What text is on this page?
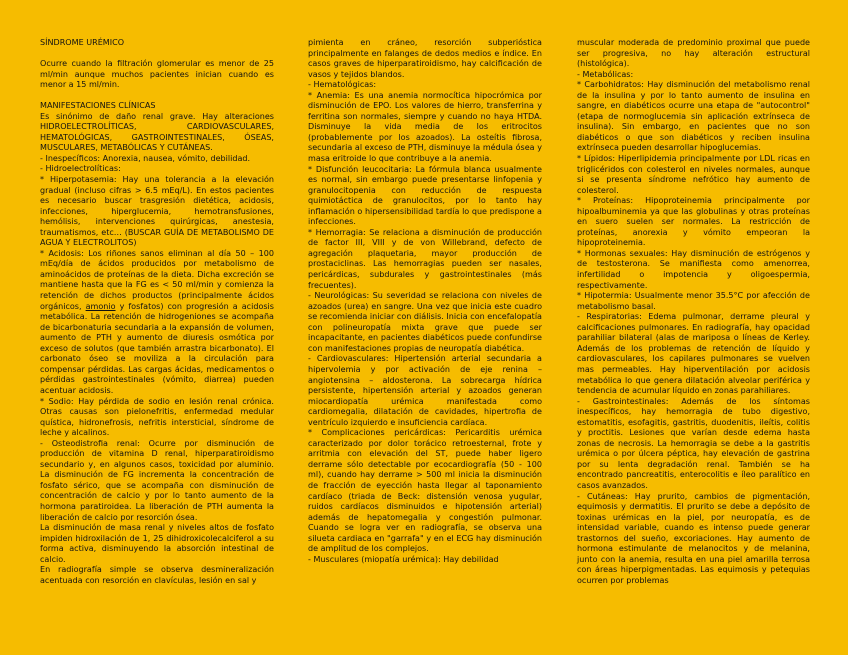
SÍNDROME URÉMICO

Ocurre cuando la filtración glomerular es menor de 25 ml/min aunque muchos pacientes inician cuando es menor a 15 ml/min.

MANIFESTACIONES CLÍNICAS

Es sinónimo de daño renal grave. Hay alteraciones HIDROELECTROLÍTICAS, CARDIOVASCULARES, HEMATOLÓGICAS, GASTROINTESTINALES, ÓSEAS, MUSCULARES, METABÓLICAS Y CUTÁNEAS.

- Inespecíficos: Anorexia, nausea, vómito, debilidad.

- Hidroelectrolíticas:

* Hiperpotasemia: Hay una tolerancia a la elevación gradual (incluso cifras > 6.5 mEq/L). En estos pacientes es necesario buscar trasgresión dietética, acidosis, infecciones, hiperglucemia, hemotransfusiones, hemólisis, intervenciones quirúrgicas, anestesia, traumatismos, etc… (BUSCAR GUÍA DE METABOLISMO DE AGUA Y ELECTROLITOS)

* Acidosis: Los riñones sanos eliminan al día 50 – 100 mEq/día de ácidos producidos por metabolismo de aminoácidos de proteínas de la dieta. Dicha excreción se mantiene hasta que la FG es < 50 ml/min y comienza la retención de dichos productos (principalmente ácidos orgánicos, amonio y fosfatos) con progresión a acidosis metabólica. La retención de hidrogeniones se acompaña de bicarbonaturia secundaria a la expansión de volumen, aumento de PTH y aumento de diuresis osmótica por exceso de solutos (que también arrastra bicarbonato). El carbonato óseo se moviliza a la circulación para compensar pérdidas. Las cargas ácidas, medicamentos o pérdidas gastrointestinales (vómito, diarrea) pueden acentuar acidosis.

* Sodio: Hay pérdida de sodio en lesión renal crónica. Otras causas son pielonefritis, enfermedad medular quística, hidronefrosis, nefritis intersticial, síndrome de leche y alcalinos.

- Osteodistrofia renal: Ocurre por disminución de producción de vitamina D renal, hiperparatiroidismo secundario y, en algunos casos, toxicidad por aluminio. La disminución de FG incrementa la concentración de fosfato sérico, que se acompaña con disminución de concentración de calcio y por lo tanto aumento de la hormona paratiroidea. La liberación de PTH aumenta la liberación de calcio por resorción ósea.

La disminución de masa renal y niveles altos de fosfato impiden hidroxilación de 1, 25 dihidroxicolecalciferol a su forma activa, disminuyendo la absorción intestinal de calcio.

En radiografía simple se observa desmineralización acentuada con resorción en clavículas, lesión en sal y

pimienta en cráneo, resorción subperióstica principalmente en falanges de dedos medios e índice. En casos graves de hiperparatiroidismo, hay calcificación de vasos y tejidos blandos.

- Hematológicas:

* Anemia: Es una anemia normocítica hipocrómica por disminución de EPO. Los valores de hierro, transferrina y ferritina son normales, siempre y cuando no haya HTDA. Disminuye la vida media de los eritrocitos (probablemente por los azoados). La osteítis fibrosa, secundaria al exceso de PTH, disminuye la médula ósea y masa eritroide lo que contribuye a la anemia.

* Disfunción leucocitaria: La fórmula blanca usualmente es normal, sin embargo puede presentarse linfopenia y granulocitopenia con reducción de respuesta quimiotáctica de granulocitos, por lo tanto hay inflamación o hipersensibilidad tardía lo que predispone a infecciones.

* Hemorragia: Se relaciona a disminución de producción de factor III, VIII y de von Willebrand, defecto de agregación plaquetaria, mayor producción de prostaciclinas. Las hemorragias pueden ser nasales, pericárdicas, subdurales y gastrointestinales (más frecuentes).

- Neurológicas: Su severidad se relaciona con niveles de azoados (urea) en sangre. Una vez que inicia este cuadro se recomienda iniciar con diálisis. Inicia con encefalopatía con polineuropatía mixta grave que puede ser incapacitante, en pacientes diabéticos puede confundirse con manifestaciones propias de neuropatía diabética.

- Cardiovasculares: Hipertensión arterial secundaria a hipervolemia y por activación de eje renina – angiotensina – aldosterona. La sobrecarga hídrica persistente, hipertensión arterial y azoados generan miocardiopatía urémica manifestada como cardiomegalia, dilatación de cavidades, hipertrofia de ventrículo izquierdo e insuficiencia cardíaca.

* Complicaciones pericárdicas: Pericarditis urémica caracterizado por dolor torácico retroesternal, frote y arritmia con elevación del ST, puede haber ligero derrame sólo detectable por ecocardiografía (50 - 100 ml), cuando hay derrame > 500 ml inicia la disminución de fracción de eyección hasta llegar al taponamiento cardíaco (triada de Beck: distensión venosa yugular, ruidos cardíacos disminuidos e hipotensión arterial) además de hepatomegalia y congestión pulmonar. Cuando se logra ver en radiografía, se observa una silueta cardiaca en "garrafa" y en el ECG hay disminución de amplitud de los complejos.

- Musculares (miopatía urémica): Hay debilidad

muscular moderada de predominio proximal que puede ser progresiva, no hay alteración estructural (histológica).

- Metabólicas:

* Carbohidratos: Hay disminución del metabolismo renal de la insulina y por lo tanto aumento de insulina en sangre, en diabéticos ocurre una etapa de "autocontrol" (etapa de normoglucemia sin aplicación extrínseca de insulina). Sin embargo, en pacientes que no son diabéticos o que son diabéticos y reciben insulina extrínseca pueden desarrollar hipoglucemias.

* Lípidos: Hiperlipidemia principalmente por LDL ricas en triglicéridos con colesterol en niveles normales, aunque si se presenta síndrome nefrótico hay aumento de colesterol.

* Proteínas: Hipoproteinemia principalmente por hipoalbuminemia ya que las globulinas y otras proteínas en suero suelen ser normales. La restricción de proteínas, anorexia y vómito empeoran la hipoproteinemia.

* Hormonas sexuales: Hay disminución de estrógenos y de testosterona. Se manifiesta como amenorrea, infertilidad o impotencia y oligoespermia, respectivamente.

* Hipotermia: Usualmente menor 35.5°C por afección de metabolismo basal.

- Respiratorias: Edema pulmonar, derrame pleural y calcificaciones pulmonares. En radiografía, hay opacidad parahiliar bilateral (alas de mariposa o líneas de Kerley. Además de los problemas de retención de líquido y cardiovasculares, los capilares pulmonares se vuelven mas permeables. Hay hiperventilación por acidosis metabólica lo que genera dilatación alveolar periférica y tendencia de acumular líquido en zonas parahiliares.

- Gastrointestinales: Además de los síntomas inespecíficos, hay hemorragia de tubo digestivo, estomatitis, esofagitis, gastritis, duodenitis, ileítis, colitis y proctitis. Lesiones que varían desde edema hasta zonas de necrosis. La hemorragia se debe a la gastritis urémica o por úlcera péptica, hay elevación de gastrina por su lenta degradación renal. También se ha encontrado pancreatitis, enterocolitis e íleo paralítico en casos avanzados.

- Cutáneas: Hay prurito, cambios de pigmentación, equimosis y dermatitis. El prurito se debe a depósito de toxinas urémicas en la piel, por neuropatía, es de intensidad variable, cuando es intenso puede generar trastornos del sueño, excoriaciones. Hay aumento de hormona estimulante de melanocitos y de melanina, junto con la anemia, resulta en una piel amarilla terrosa con áreas hiperpigmentadas. Las equimosis y petequias ocurren por problemas
